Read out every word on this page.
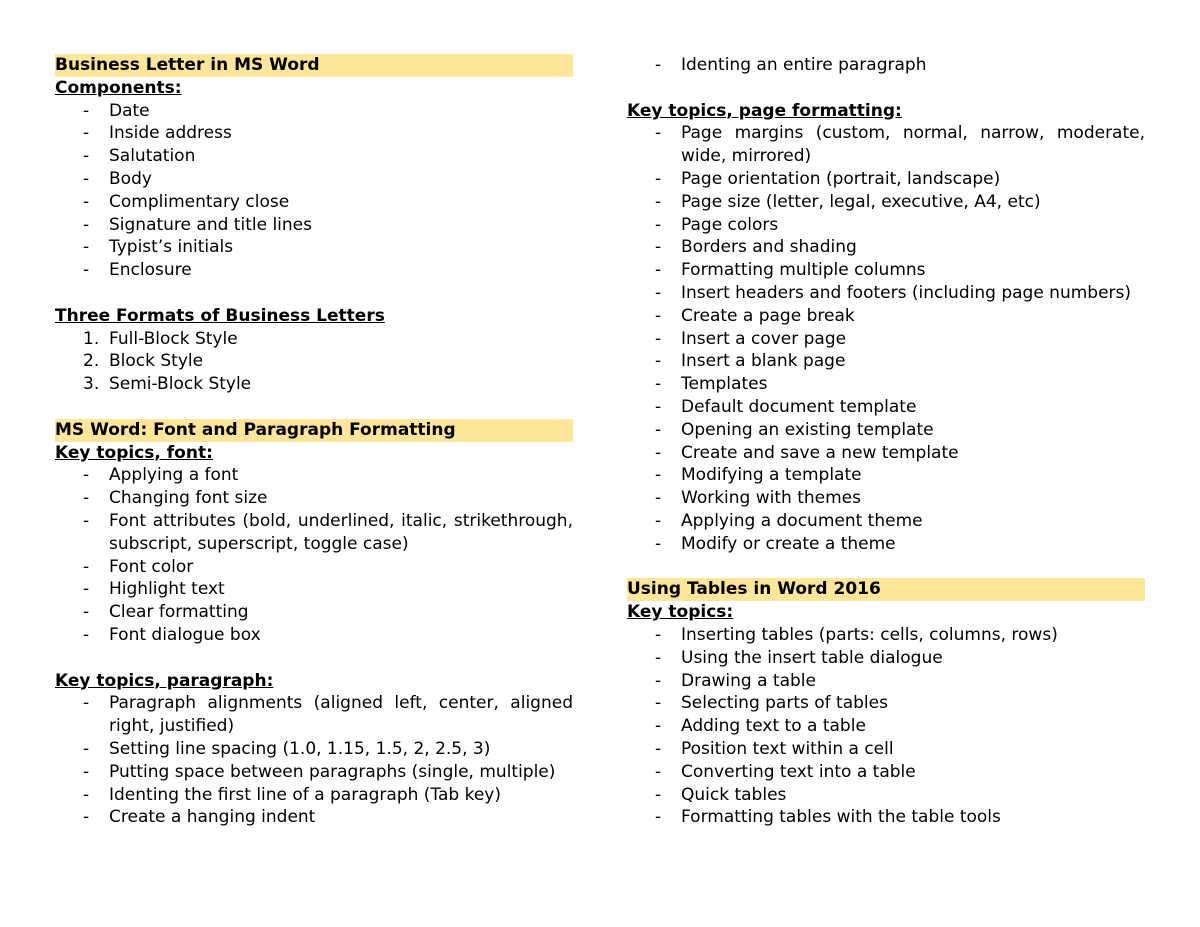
Business Letter in MS Word
Components:
- Date
- Inside address
- Salutation
- Body
- Complimentary close
- Signature and title lines
- Typist’s initials
- Enclosure
Three Formats of Business Letters
1. Full-Block Style
2. Block Style
3. Semi-Block Style
MS Word: Font and Paragraph Formatting
Key topics, font:
- Applying a font
- Changing font size
- Font attributes (bold, underlined, italic, strikethrough, subscript, superscript, toggle case)
- Font color
- Highlight text
- Clear formatting
- Font dialogue box
Key topics, paragraph:
- Paragraph alignments (aligned left, center, aligned right, justified)
- Setting line spacing (1.0, 1.15, 1.5, 2, 2.5, 3)
- Putting space between paragraphs (single, multiple)
- Identing the first line of a paragraph (Tab key)
- Create a hanging indent
- Identing an entire paragraph
Key topics, page formatting:
- Page margins (custom, normal, narrow, moderate, wide, mirrored)
- Page orientation (portrait, landscape)
- Page size (letter, legal, executive, A4, etc)
- Page colors
- Borders and shading
- Formatting multiple columns
- Insert headers and footers (including page numbers)
- Create a page break
- Insert a cover page
- Insert a blank page
- Templates
- Default document template
- Opening an existing template
- Create and save a new template
- Modifying a template
- Working with themes
- Applying a document theme
- Modify or create a theme
Using Tables in Word 2016
Key topics:
- Inserting tables (parts: cells, columns, rows)
- Using the insert table dialogue
- Drawing a table
- Selecting parts of tables
- Adding text to a table
- Position text within a cell
- Converting text into a table
- Quick tables
- Formatting tables with the table tools
